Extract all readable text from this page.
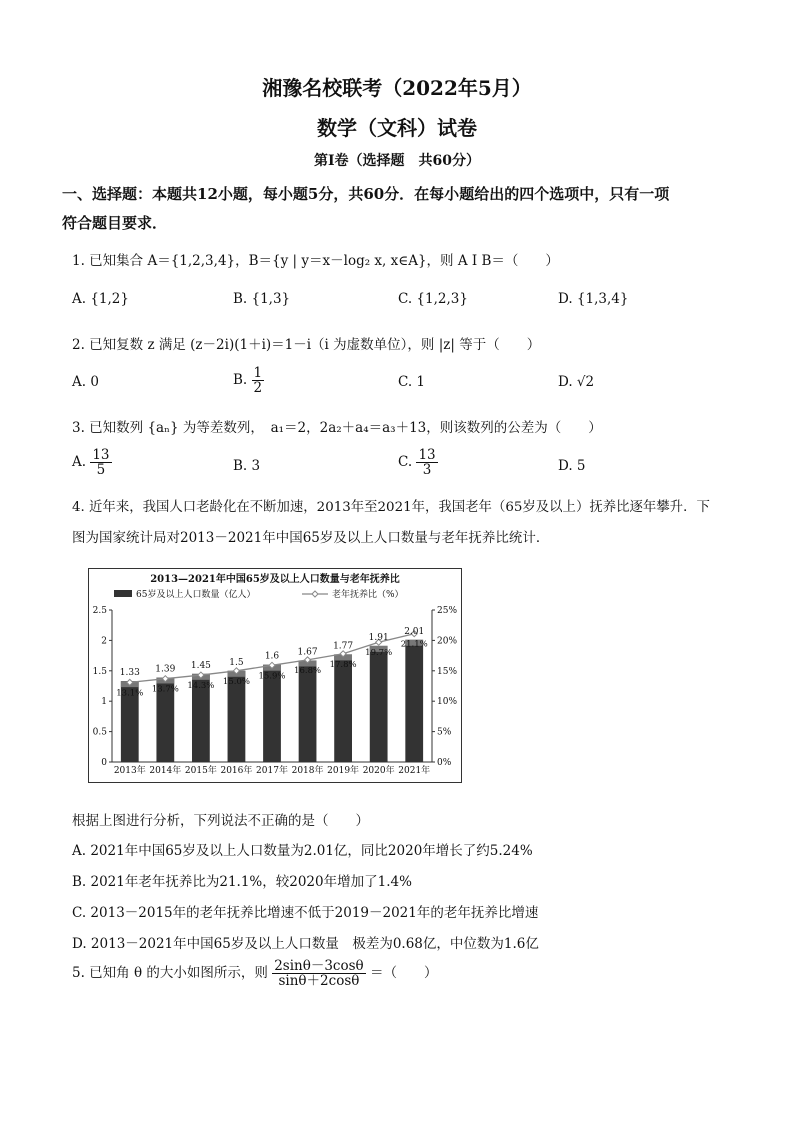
湘豫名校联考（2022年5月）
数学（文科）试卷
第I卷（选择题　共60分）
一、选择题：本题共12小题，每小题5分，共60分．在每小题给出的四个选项中，只有一项
符合题目要求．
1. 已知集合 A＝{1,2,3,4}，B＝{y | y＝x－log₂ x, x∈A}，则 A I B＝（　　）
A. {1,2}	B. {1,3}	C. {1,2,3}	D. {1,3,4}
2. 已知复数 z 满足 (z－2i)(1＋i)＝1－i（i 为虚数单位），则 |z| 等于（　　）
A. 0	B. $\frac{1}{2}$	C. 1	D. √2
3. 已知数列 {aₙ} 为等差数列，　a₁＝2，2a₂＋a₄＝a₃＋13，则该数列的公差为（　　）
A. $\frac{13}{5}$	B. 3	C. $\frac{13}{3}$	D. 5
4. 近年来，我国人口老龄化在不断加速，2013年至2021年，我国老年（65岁及以上）抚养比逐年攀升．下
图为国家统计局对2013－2021年中国65岁及以上人口数量与老年抚养比统计．
2013—2021年中国65岁及以上人口数量与老年抚养比
65岁及以上人口数量（亿人）	老年抚养比（%）
0
0.5
1
1.5
2
2.5
0%
5%
10%
15%
20%
25%
2013年 2014年 2015年 2016年 2017年 2018年 2019年 2020年 2021年
1.33
13.1%
1.39
13.7%
1.45
14.3%
1.5
15.0%
1.6
15.9%
1.67
16.8%
1.77
17.8%
1.91
19.7%
2.01
21.1%
根据上图进行分析，下列说法不正确的是（　　）
A. 2021年中国65岁及以上人口数量为2.01亿，同比2020年增长了约5.24%
B. 2021年老年抚养比为21.1%，较2020年增加了1.4%
C. 2013－2015年的老年抚养比增速不低于2019－2021年的老年抚养比增速
D. 2013－2021年中国65岁及以上人口数量　极差为0.68亿，中位数为1.6亿
5. 已知角 θ 的大小如图所示，则 $\frac{2\sin\theta-3\cos\theta}{\sin\theta+2\cos\theta}$ ＝（　　）
